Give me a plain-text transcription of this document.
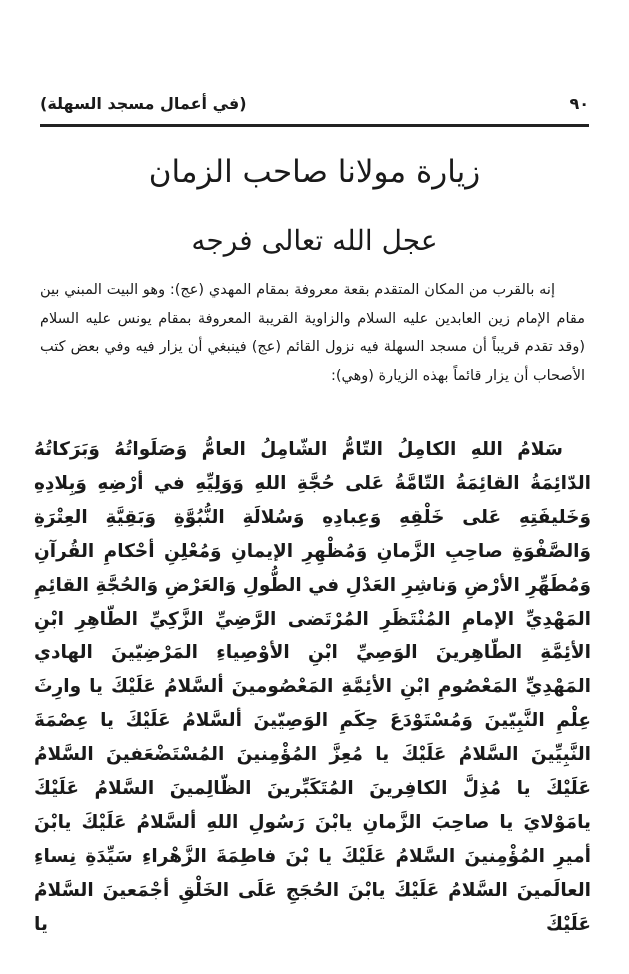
٩٠
(في أعمال مسجد السهلة)
زيارة مولانا صاحب الزمان
عجل الله تعالى فرجه

إنه بالقرب من المكان المتقدم بقعة معروفة بمقام المهدي (عج): وهو البيت المبني بين مقام الإمام زين العابدين عليه السلام والزاوية القريبة المعروفة بمقام يونس عليه السلام (وقد تقدم قريباً أن مسجد السهلة فيه نزول القائم (عج) فينبغي أن يزار فيه وفي بعض كتب الأصحاب أن يزار قائماً بهذه الزيارة (وهي):

سَلامُ اللهِ الكامِلُ التّامُّ الشّامِلُ العامُّ وَصَلَواتُهُ وَبَرَكاتُهُ الدّائِمَةُ القائِمَةُ التّامَّةُ عَلى حُجَّةِ اللهِ وَوَلِيِّهِ في أرْضِهِ وَبِلادِهِ وَخَليفَتِهِ عَلى خَلْقِهِ وَعِبادِهِ وَسُلالَةِ النُّبُوَّةِ وَبَقِيَّةِ العِتْرَةِ وَالصَّفْوَةِ صاحِبِ الزَّمانِ وَمُظْهِرِ الإيمانِ وَمُعْلِنِ أحْكامِ القُرآنِ وَمُطَهِّرِ الأرْضِ وَناشِرِ العَدْلِ في الطُّولِ وَالعَرْضِ وَالحُجَّةِ القائِمِ المَهْدِيِّ الإمامِ المُنْتَظَرِ المُرْتَضى الرَّضِيِّ الزَّكِيِّ الطّاهِرِ ابْنِ الأئِمَّةِ الطّاهِرينَ الوَصِيِّ ابْنِ الأوْصِياءِ المَرْضِيّينَ الهادي المَهْدِيِّ المَعْصُومِ ابْنِ الأئِمَّةِ المَعْصُومينَ ألسَّلامُ عَلَيْكَ يا وارِثَ عِلْمِ النَّبِيّينَ وَمُسْتَوْدَعَ حِكَمِ الوَصِيّينَ ألسَّلامُ عَلَيْكَ يا عِصْمَةَ النَّبِيِّينَ السَّلامُ عَلَيْكَ يا مُعِزَّ المُؤْمِنينَ المُسْتَضْعَفينَ السَّلامُ عَلَيْكَ يا مُذِلَّ الكافِرينَ المُتَكَبِّرينَ الظّالِمينَ السَّلامُ عَلَيْكَ يامَوْلايَ يا صاحِبَ الزَّمانِ يابْنَ رَسُولِ اللهِ ألسَّلامُ عَلَيْكَ يابْنَ أميرِ المُؤْمِنينَ السَّلامُ عَلَيْكَ يا بْنَ فاطِمَةَ الزَّهْراءِ سَيِّدَةِ نِساءِ العالَمينَ السَّلامُ عَلَيْكَ يابْنَ الحُجَجِ عَلَى الخَلْقِ أجْمَعينَ السَّلامُ عَلَيْكَ يا
